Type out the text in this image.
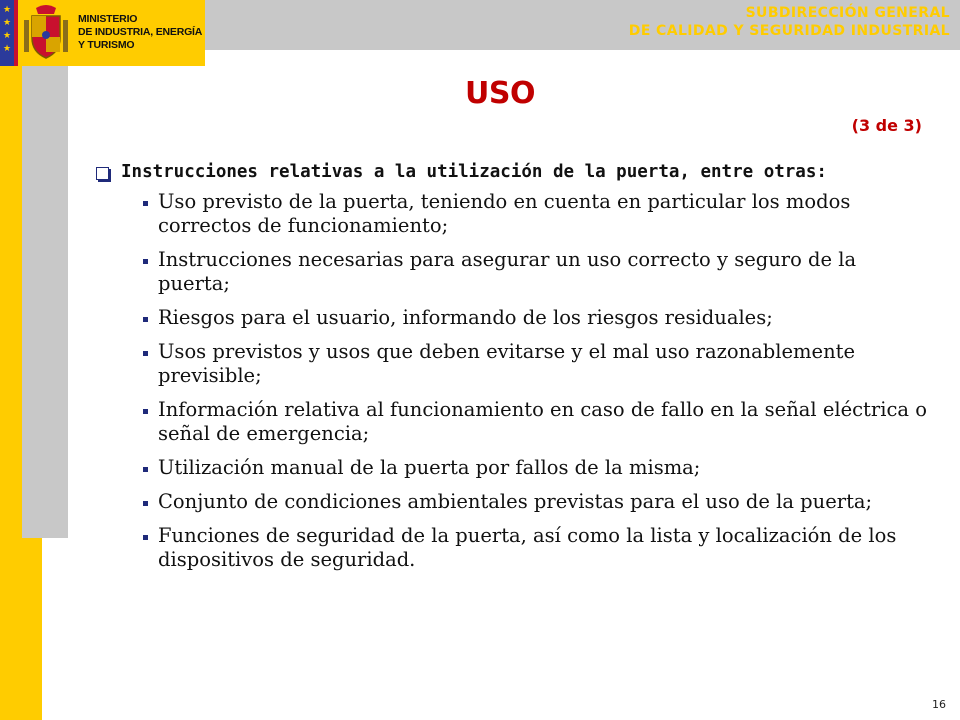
SUBDIRECCIÓN GENERAL
DE CALIDAD Y SEGURIDAD INDUSTRIAL
★
★
★
★
MINISTERIO
DE INDUSTRIA, ENERGÍA
Y TURISMO
USO
(3 de 3)
Instrucciones relativas a la utilización de la puerta, entre otras:
Uso previsto de la puerta, teniendo en cuenta en particular los modos correctos de funcionamiento;
Instrucciones necesarias para asegurar un uso correcto y seguro de la puerta;
Riesgos para el usuario, informando de los riesgos residuales;
Usos previstos y usos que deben evitarse y el mal uso razonablemente previsible;
Información relativa al funcionamiento en caso de fallo en la señal eléctrica o señal de emergencia;
Utilización manual de la puerta por fallos de la misma;
Conjunto de condiciones ambientales previstas para el uso de la puerta;
Funciones de seguridad de la puerta, así como la lista y localización de los dispositivos de seguridad.
16
